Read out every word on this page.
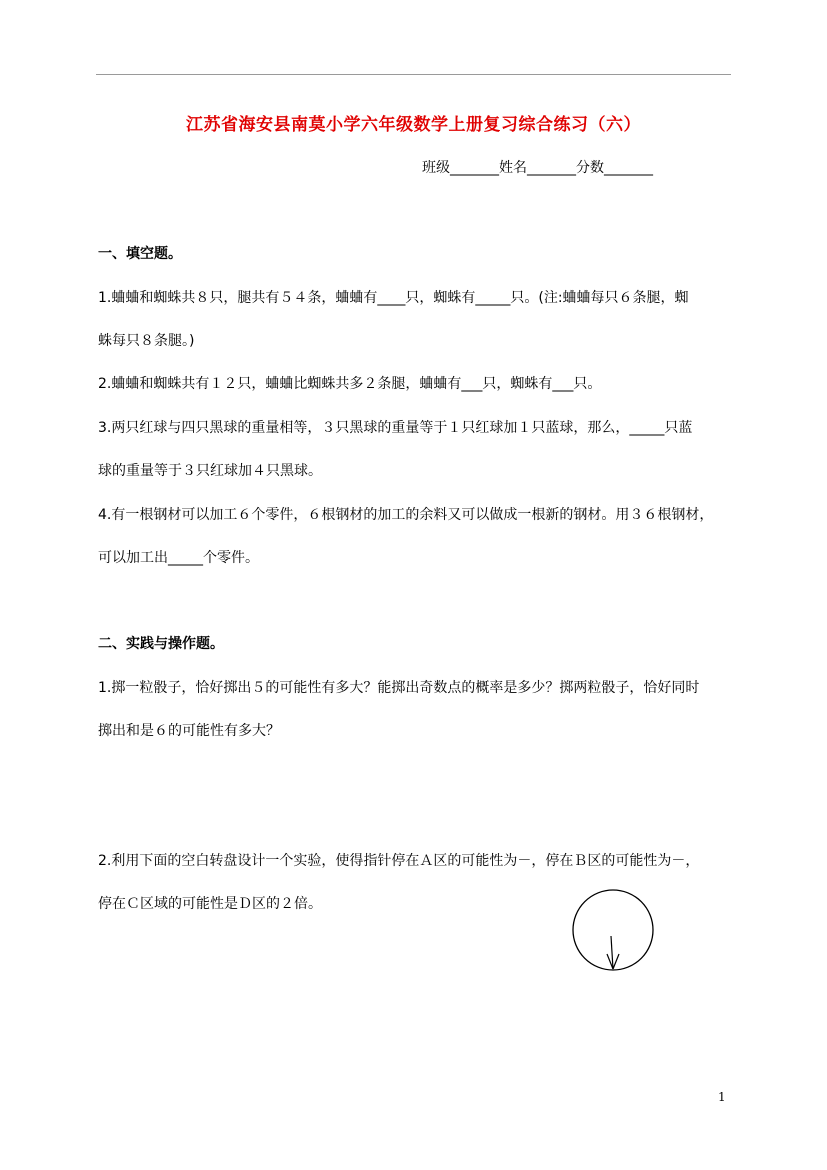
江苏省海安县南莫小学六年级数学上册复习综合练习（六）
班级_______姓名_______分数_______
一、填空题。
1.蛐蛐和蜘蛛共８只，腿共有５４条，蛐蛐有____只，蜘蛛有_____只。(注:蛐蛐每只６条腿，蜘
蛛每只８条腿。)
2.蛐蛐和蜘蛛共有１２只，蛐蛐比蜘蛛共多２条腿，蛐蛐有___只，蜘蛛有___只。
3.两只红球与四只黑球的重量相等，３只黑球的重量等于１只红球加１只蓝球，那么，_____只蓝
球的重量等于３只红球加４只黑球。
4.有一根钢材可以加工６个零件，６根钢材的加工的余料又可以做成一根新的钢材。用３６根钢材，
可以加工出_____个零件。
二、实践与操作题。
1.掷一粒骰子，恰好掷出５的可能性有多大？能掷出奇数点的概率是多少？掷两粒骰子，恰好同时
掷出和是６的可能性有多大？
2.利用下面的空白转盘设计一个实验，使得指针停在Ａ区的可能性为－，停在Ｂ区的可能性为－，
停在Ｃ区域的可能性是Ｄ区的２倍。
1
